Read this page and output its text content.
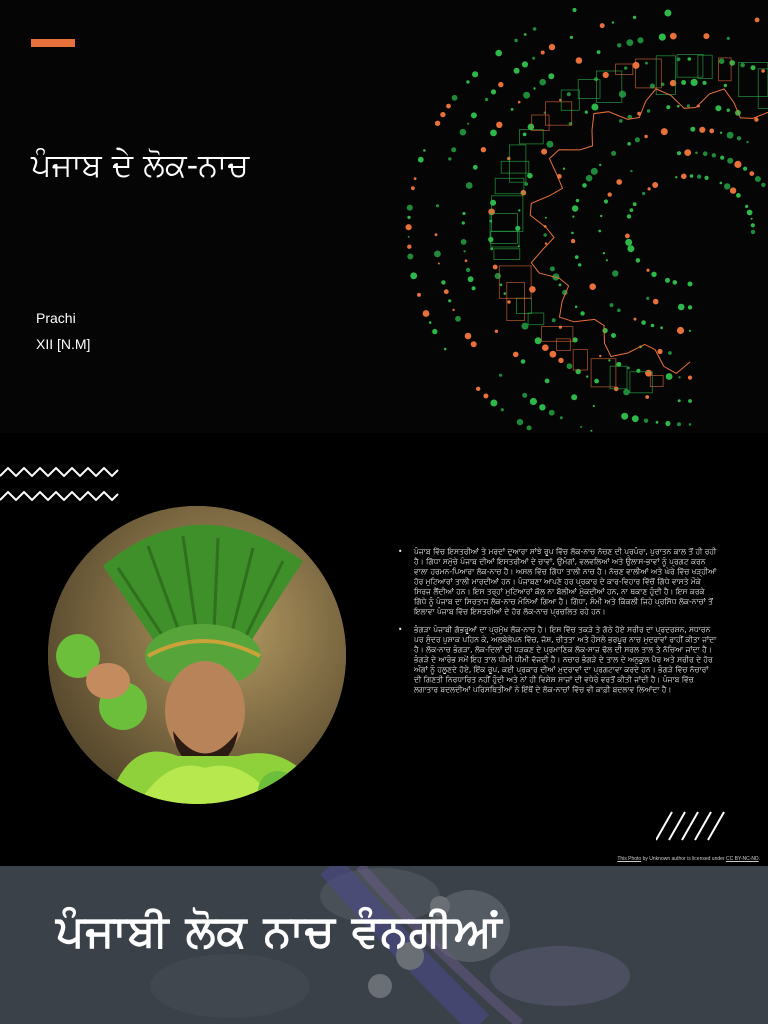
ਪੰਜਾਬ ਦੇ ਲੋਕ-ਨਾਚ
Prachi
XII [N.M]
• ਪੰਜਾਬ ਵਿੱਚ ਇਸਤਰੀਆਂ ਤੇ ਮਰਦਾਂ ਦੁਆਰਾ ਸਾਂਝੇ ਰੂਪ ਵਿੱਚ ਲੋਕ-ਨਾਚ ਨੱਚਣ ਦੀ ਪ੍ਰਪੰਰਾ, ਪੁਰਾਤਨ ਕਾਲ ਤੋਂ ਹੀ ਰਹੀ ਹੈ। ਗਿੱਧਾ ਸਮੁੱਚੇ ਪੰਜਾਬ ਦੀਆਂ ਇਸਤਰੀਆਂ ਦੇ ਚਾਵਾਂ, ਉਮੰਗਾਂ, ਵਲਵਲਿਆਂ ਅਤੇ ਉਲਾਸ-ਭਾਵਾਂ ਨੂੰ ਪ੍ਰਗਟ ਕਰਨ ਵਾਲਾ ਹਰਮਨ-ਪਿਆਰਾ ਲੋਕ-ਨਾਚ ਹੈ। ਅਸਲ ਵਿੱਚ ਗਿੱਧਾ ਤਾਲੀ ਨਾਚ ਹੈ। ਨੱਚਣ ਵਾਲੀਆਂ ਅਤੇ ਘੇਰੇ ਵਿੱਚ ਖੜ੍ਹੀਆਂ ਹੋਰ ਮੁਟਿਆਰਾਂ ਤਾਲੀ ਮਾਰਦੀਆਂ ਹਨ। ਪੰਜਾਬਣਾ ਆਪਣੇ ਹਰ ਪ੍ਰਕਾਰ ਦੇ ਕਾਰ-ਵਿਹਾਰ ਵਿੱਚੋਂ ਗਿੱਧੇ ਵਾਸਤੇ ਮੌਕੇ ਸਿਰਜ ਲੈਂਦੀਆਂ ਹਨ। ਇਸ ਤਰ੍ਹਾਂ ਮੁਟਿਆਰਾਂ ਕੋਲ ਨਾ ਬੋਲੀਆਂ ਮੁੱਕਦੀਆਂ ਹਨ, ਨਾ ਥਕਾਣ ਹੁੰਦੀ ਹੈ। ਇਸ ਕਰਕੇ ਗਿੱਧੇ ਨੂੰ ਪੰਜਾਬ ਦਾ ਸਿਰਤਾਜ ਲੋਕ-ਨਾਚ ਮੰਨਿਆਂ ਗਿਆ ਹੈ। ਗਿੱਧਾ, ਸੰਮੀ ਅਤੇ ਕਿੱਕਲੀ ਜਿਹੇ ਪ੍ਰਸਿੱਧ ਲੋਕ-ਨਾਚਾਂ ਤੋਂ ਇਲਾਵਾ ਪੰਜਾਬ ਵਿੱਚ ਇਸਤਰੀਆਂ ਦੇ ਹੋਰ ਲੋਕ-ਨਾਚ ਪ੍ਰਚਲਿਤ ਰਹੇ ਹਨ।
• ਭੰਗੜਾ ਪੰਜਾਬੀ ਗੱਭਰੂਆਂ ਦਾ ਪ੍ਰਮੁੱਖ ਲੋਕ-ਨਾਚ ਹੈ। ਇਸ ਵਿੱਚ ਤਕੜੇ ਤੇ ਗੱਠੇ ਹੋਏ ਸਰੀਰ ਦਾ ਪ੍ਰਦਰਸ਼ਨ, ਸਧਾਰਨ ਪਰ ਸੁੰਦਰ ਪੁਸ਼ਾਕ ਪਹਿਨ ਕੇ, ਅਲਬੇਲੇਪਨ ਵਿੱਚ, ਜੋਸ਼, ਚੀਤਤਾ ਅਤੇ ਹੌਸਲੇ ਭਰਪੂਰ ਨਾਚ ਮੁਦਰਾਵਾਂ ਰਾਹੀਂ ਕੀਤਾ ਜਾਂਦਾ ਹੈ। ਲੋਕ-ਨਾਚ ਭੰਗੜਾ, ਲੋਕ-ਦਿਲਾਂ ਦੀ ਧੜਕਣ ਦੇ ਪ੍ਰਮਾਣਿਕ ਲੋਕ-ਸਾਜ਼ ਢੋਲ ਦੀ ਸਰਲ ਤਾਲ ਤੇ ਨੱਚਿਆ ਜਾਂਦਾ ਹੈ। ਭੰਗੜੇ ਦੇ ਆਰੰਭ ਸਮੇਂ ਇਹ ਤਾਲ ਧੀਮੀ ਧੀਮੀ ਵੱਜਦੀ ਹੈ। ਨਚਾਰ ਭੰਗੜੇ ਦੇ ਤਾਲ ਦੇ ਅਨੁਕੂਲ ਪੈਰ ਅਤੇ ਸਰੀਰ ਦੇ ਹੋਰ ਅੰਗਾਂ ਨੂੰ ਹਲੂਣਦੇ ਹੋਏ, ਇੱਕ ਰੂਪ, ਕਈ ਪ੍ਰਕਾਰ ਦੀਆਂ ਮੁਦਰਾਵਾਂ ਦਾ ਪ੍ਰਗਟਾਵਾ ਕਰਦੇ ਹਨ। ਭੰਗੜੇ ਵਿੱਚ ਨੱਚਾਰਾਂ ਦੀ ਗਿਣਤੀ ਨਿਰਧਾਰਿਤ ਨਹੀਂ ਹੁੰਦੀ ਅਤੇ ਨਾਂ ਹੀ ਵਿਸ਼ੇਸ਼ ਸਾਜ਼ਾਂ ਦੀ ਵਧੇਰੇ ਵਰਤੋਂ ਕੀਤੀ ਜਾਂਦੀ ਹੈ। ਪੰਜਾਬ ਵਿੱਚ ਲਗਾਤਾਰ ਬਦਲਦੀਆਂ ਪਰਿਸਥਿਤੀਆਂ ਨੇ ਇੱਥੋਂ ਦੇ ਲੋਕ-ਨਾਚਾਂ ਵਿੱਚ ਵੀ ਕਾਫ਼ੀ ਬਦਲਾਵ ਲਿਆਂਦਾ ਹੈ।
This Photo by Unknown author is licensed under CC BY-NC-ND.
ਪੰਜਾਬੀ ਲੋਕ ਨਾਚ ਵੰਨਗੀਆਂ
